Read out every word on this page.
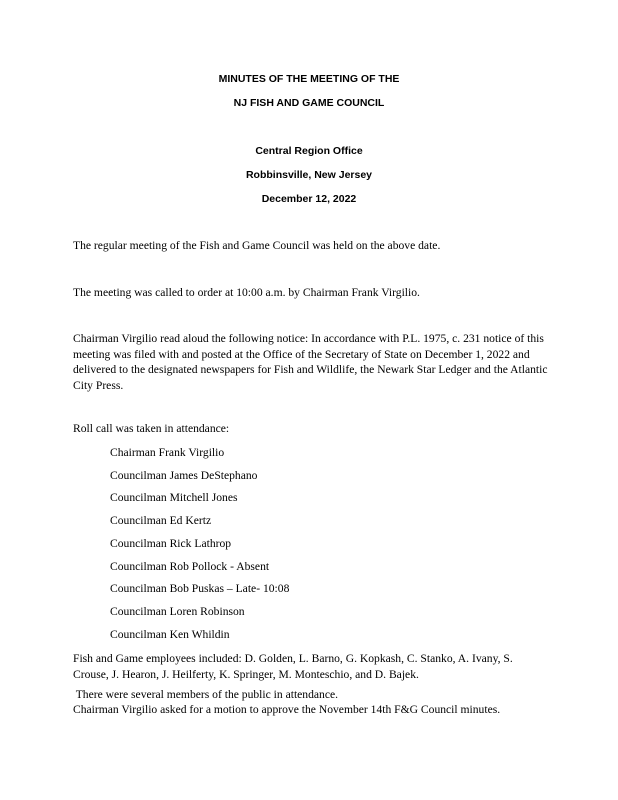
MINUTES OF THE MEETING OF THE
NJ FISH AND GAME COUNCIL
Central Region Office
Robbinsville, New Jersey
December 12, 2022
The regular meeting of the Fish and Game Council was held on the above date.
The meeting was called to order at 10:00 a.m. by Chairman Frank Virgilio.
Chairman Virgilio read aloud the following notice: In accordance with P.L. 1975, c. 231 notice of this meeting was filed with and posted at the Office of the Secretary of State on December 1, 2022 and delivered to the designated newspapers for Fish and Wildlife, the Newark Star Ledger and the Atlantic City Press.
Roll call was taken in attendance:
Chairman Frank Virgilio
Councilman James DeStephano
Councilman Mitchell Jones
Councilman Ed Kertz
Councilman Rick Lathrop
Councilman Rob Pollock - Absent
Councilman Bob Puskas – Late- 10:08
Councilman Loren Robinson
Councilman Ken Whildin
Fish and Game employees included: D. Golden, L. Barno, G. Kopkash, C. Stanko, A. Ivany, S. Crouse, J. Hearon, J. Heilferty, K. Springer, M. Monteschio, and D. Bajek.
There were several members of the public in attendance.
Chairman Virgilio asked for a motion to approve the November 14th F&G Council minutes.
